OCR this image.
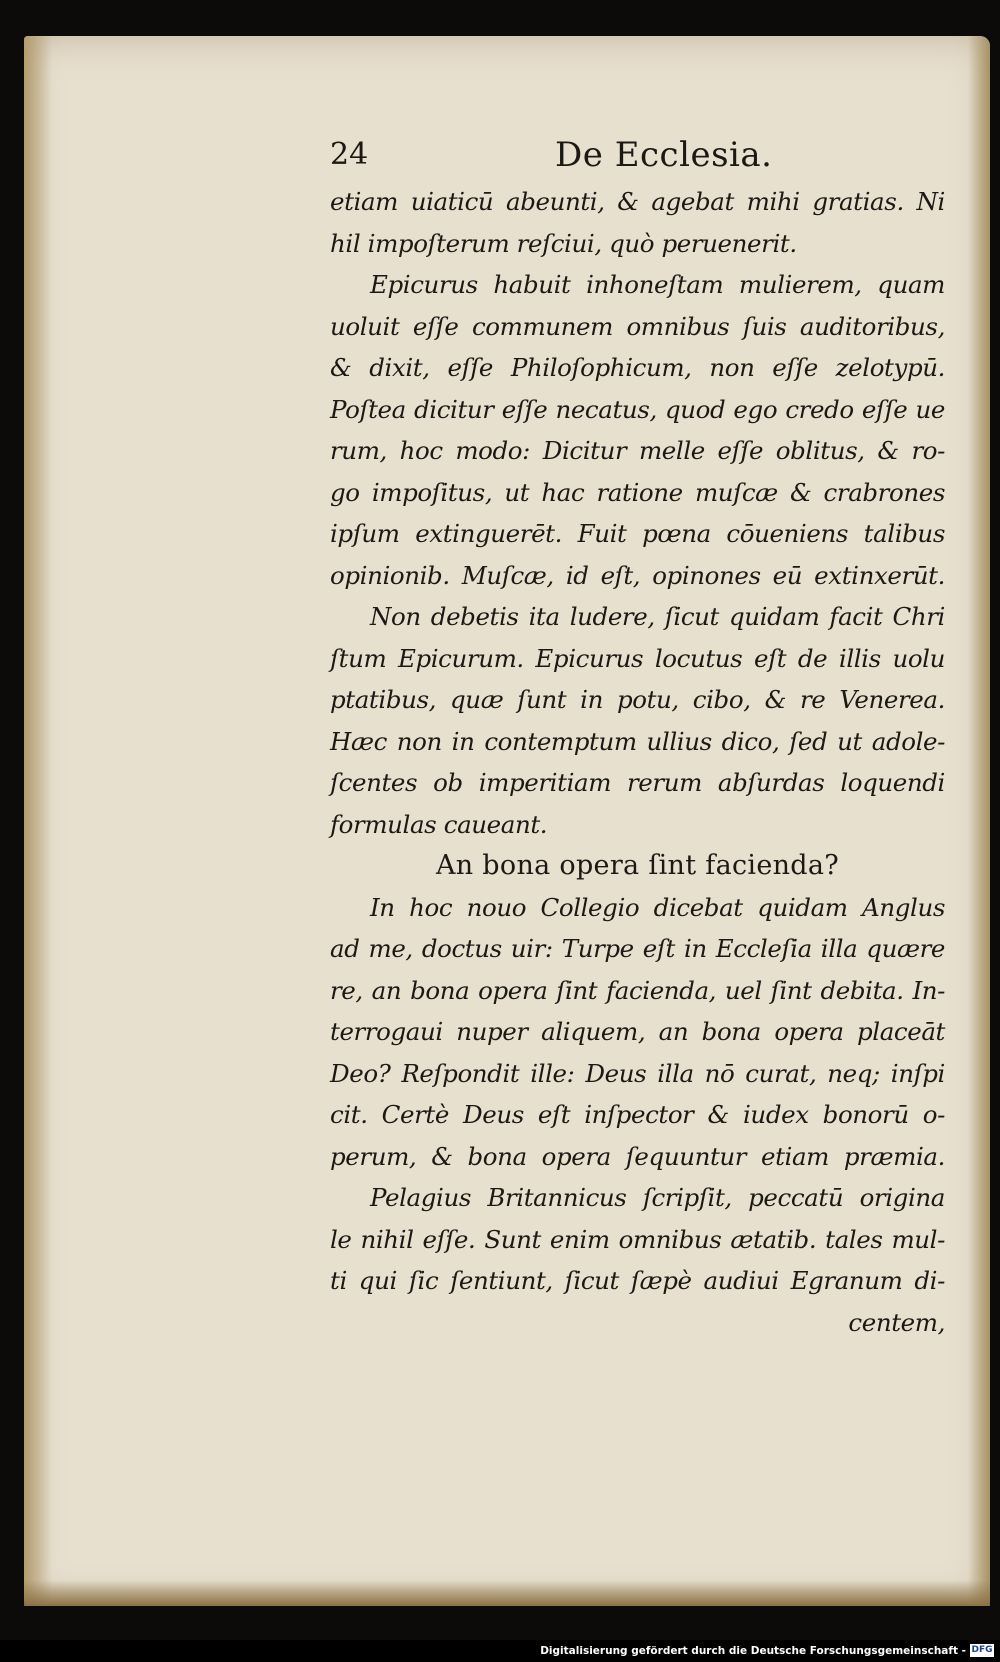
24	De Ecclesia.
etiam uiaticū abeunti, & agebat mihi gratias. Ni
hil impoſterum reſciui, quò peruenerit.
Epicurus habuit inhoneſtam mulierem, quam
uoluit eſſe communem omnibus ſuis auditoribus,
& dixit, eſſe Philoſophicum, non eſſe zelotypū.
Poſtea dicitur eſſe necatus, quod ego credo eſſe ue
rum, hoc modo: Dicitur melle eſſe oblitus, & ro-
go impoſitus, ut hac ratione muſcæ & crabrones
ipſum extinguerēt. Fuit pœna cōueniens talibus
opinionib. Muſcæ, id eſt, opinones eū extinxerūt.
Non debetis ita ludere, ſicut quidam facit Chri
ſtum Epicurum. Epicurus locutus eſt de illis uolu
ptatibus, quæ ſunt in potu, cibo, & re Venerea.
Hæc non in contemptum ullius dico, ſed ut adole-
ſcentes ob imperitiam rerum abſurdas loquendi
formulas caueant.
An bona opera ſint facienda?
In hoc nouo Collegio dicebat quidam Anglus
ad me, doctus uir: Turpe eſt in Eccleſia illa quære
re, an bona opera ſint facienda, uel ſint debita. In-
terrogaui nuper aliquem, an bona opera placeāt
Deo? Reſpondit ille: Deus illa nō curat, neq; inſpi
cit. Certè Deus eſt inſpector & iudex bonorū o-
perum, & bona opera ſequuntur etiam præmia.
Pelagius Britannicus ſcripſit, peccatū origina
le nihil eſſe. Sunt enim omnibus ætatib. tales mul-
ti qui ſic ſentiunt, ſicut ſæpè audiui Egranum di-
centem,
Digitalisierung gefördert durch die Deutsche Forschungsgemeinschaft - DFG
